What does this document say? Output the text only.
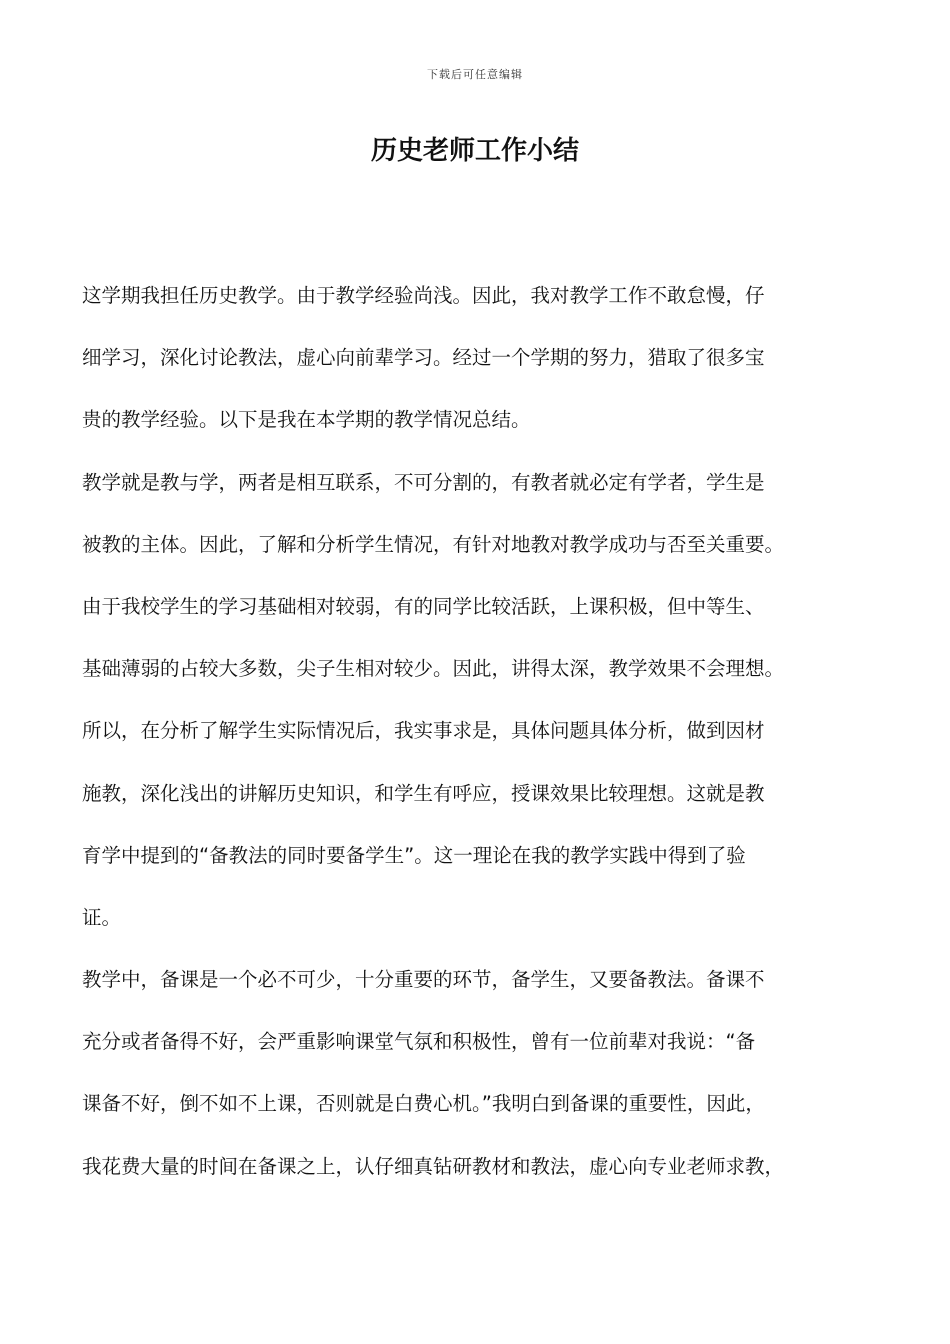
下载后可任意编辑
历史老师工作小结

这学期我担任历史教学。由于教学经验尚浅。因此，我对教学工作不敢怠慢，仔
细学习，深化讨论教法，虚心向前辈学习。经过一个学期的努力，猎取了很多宝
贵的教学经验。以下是我在本学期的教学情况总结。

教学就是教与学，两者是相互联系，不可分割的，有教者就必定有学者，学生是
被教的主体。因此，了解和分析学生情况，有针对地教对教学成功与否至关重要。
由于我校学生的学习基础相对较弱，有的同学比较活跃，上课积极，但中等生、
基础薄弱的占较大多数，尖子生相对较少。因此，讲得太深，教学效果不会理想。
所以，在分析了解学生实际情况后，我实事求是，具体问题具体分析，做到因材
施教，深化浅出的讲解历史知识，和学生有呼应，授课效果比较理想。这就是教
育学中提到的“备教法的同时要备学生”。这一理论在我的教学实践中得到了验
证。

教学中，备课是一个必不可少，十分重要的环节，备学生，又要备教法。备课不
充分或者备得不好，会严重影响课堂气氛和积极性，曾有一位前辈对我说：“备
课备不好，倒不如不上课，否则就是白费心机。”我明白到备课的重要性，因此，
我花费大量的时间在备课之上，认仔细真钻研教材和教法，虚心向专业老师求教，
